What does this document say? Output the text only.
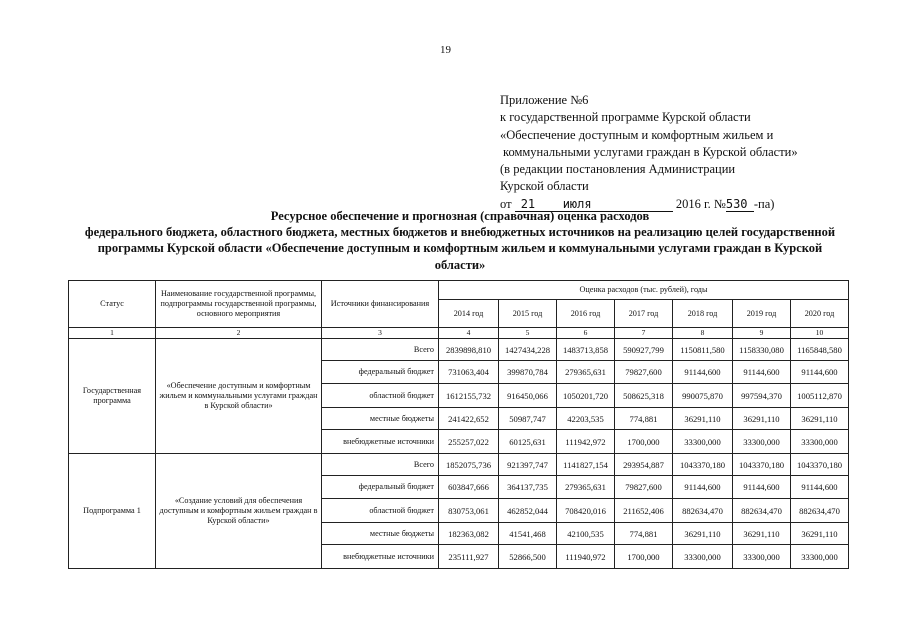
19
Приложение №6
к государственной программе Курской области
«Обеспечение доступным и комфортным жильем и
коммунальными услугами граждан в Курской области»
(в редакции постановления Администрации
Курской области
от 21 июля	2016 г. №530 -па)
Ресурсное обеспечение и прогнозная (справочная) оценка расходов
федерального бюджета, областного бюджета, местных бюджетов и внебюджетных источников на реализацию целей государственной
программы Курской области «Обеспечение доступным и комфортным жильем и коммунальными услугами граждан в Курской
области»
Статус	Наименование государственной программы, подпрограммы государственной программы, основного мероприятия	Источники финансирования	Оценка расходов (тыс. рублей), годы						
			2014 год	2015 год	2016 год	2017 год	2018 год	2019 год	2020 год
1	2	3	4	5	6	7	8	9	10
Государственная программа	«Обеспечение доступным и комфортным жильем и коммунальными услугами граждан в Курской области»	Всего	2839898,810	1427434,228	1483713,858	590927,799	1150811,580	1158330,080	1165848,580
		федеральный бюджет	731063,404	399870,784	279365,631	79827,600	91144,600	91144,600	91144,600
		областной бюджет	1612155,732	916450,066	1050201,720	508625,318	990075,870	997594,370	1005112,870
		местные бюджеты	241422,652	50987,747	42203,535	774,881	36291,110	36291,110	36291,110
		внебюджетные источники	255257,022	60125,631	111942,972	1700,000	33300,000	33300,000	33300,000
Подпрограмма 1	«Создание условий для обеспечения доступным и комфортным жильем граждан в Курской области»	Всего	1852075,736	921397,747	1141827,154	293954,887	1043370,180	1043370,180	1043370,180
		федеральный бюджет	603847,666	364137,735	279365,631	79827,600	91144,600	91144,600	91144,600
		областной бюджет	830753,061	462852,044	708420,016	211652,406	882634,470	882634,470	882634,470
		местные бюджеты	182363,082	41541,468	42100,535	774,881	36291,110	36291,110	36291,110
		внебюджетные источники	235111,927	52866,500	111940,972	1700,000	33300,000	33300,000	33300,000
